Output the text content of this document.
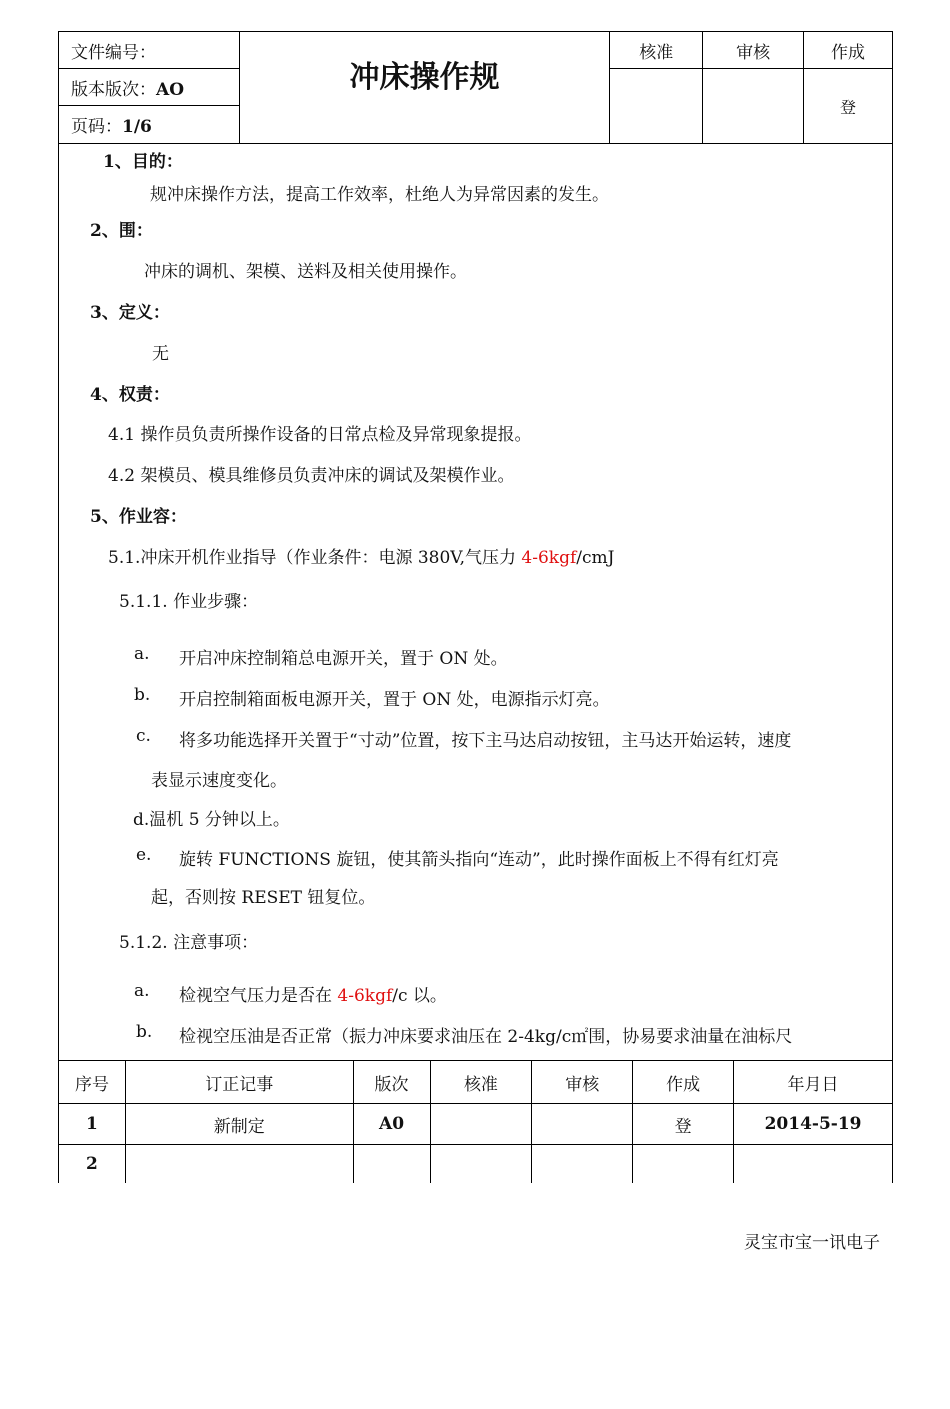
文件编号：	冲床操作规	核准	审核	作成
版本版次：AO				登
页码：1/6				
1、目的：
规冲床操作方法，提高工作效率，杜绝人为异常因素的发生。
2、围：
冲床的调机、架模、送料及相关使用操作。
3、定义：
无
4、权责：
4.1 操作员负责所操作设备的日常点检及异常现象提报。
4.2 架模员、模具维修员负责冲床的调试及架模作业。
5、作业容：
5.1.冲床开机作业指导（作业条件：电源 380V,气压力 4-6kgf/cmJ
5.1.1. 作业步骤：
a. 开启冲床控制箱总电源开关，置于 ON 处。
b. 开启控制箱面板电源开关，置于 ON 处，电源指示灯亮。
c. 将多功能选择开关置于“寸动”位置，按下主马达启动按钮，主马达开始运转，速度
表显示速度变化。
d.温机 5 分钟以上。
e. 旋转 FUNCTIONS 旋钮，使其箭头指向“连动”，此时操作面板上不得有红灯亮
起，否则按 RESET 钮复位。
5.1.2. 注意事项：
a. 检视空气压力是否在 4-6kgf/c 以。
b. 检视空压油是否正常（振力冲床要求油压在 2-4kg/c㎡围，协易要求油量在油标尺
序号	订正记事	版次	核准	审核	作成	年月日
1	新制定	A0			登	2014-5-19
2						
灵宝市宝一讯电子
